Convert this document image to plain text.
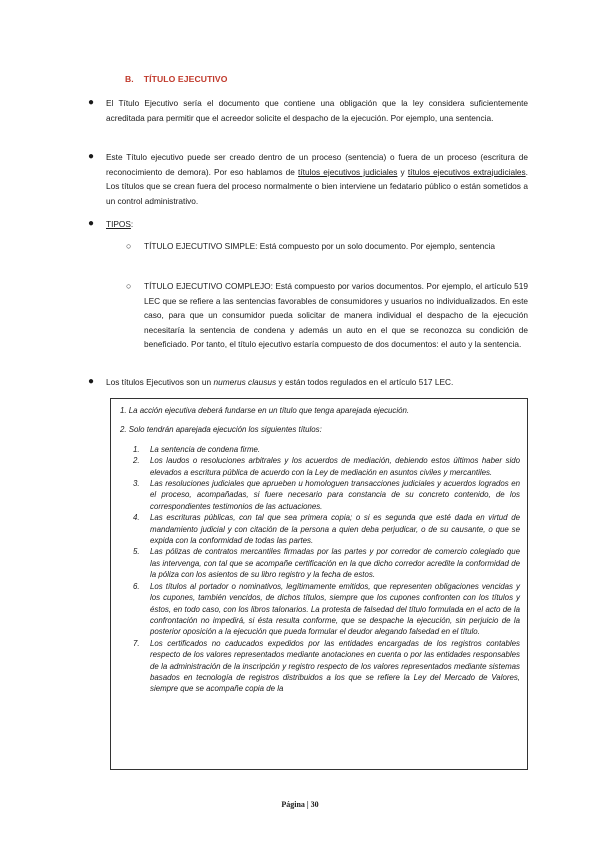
B. TÍTULO EJECUTIVO
● El Título Ejecutivo sería el documento que contiene una obligación que la ley considera suficientemente acreditada para permitir que el acreedor solicite el despacho de la ejecución. Por ejemplo, una sentencia.
● Este Título ejecutivo puede ser creado dentro de un proceso (sentencia) o fuera de un proceso (escritura de reconocimiento de demora). Por eso hablamos de títulos ejecutivos judiciales y títulos ejecutivos extrajudiciales. Los títulos que se crean fuera del proceso normalmente o bien interviene un fedatario público o están sometidos a un control administrativo.
● TIPOS:
○ TÍTULO EJECUTIVO SIMPLE: Está compuesto por un solo documento. Por ejemplo, sentencia
○ TÍTULO EJECUTIVO COMPLEJO: Está compuesto por varios documentos. Por ejemplo, el artículo 519 LEC que se refiere a las sentencias favorables de consumidores y usuarios no individualizados. En este caso, para que un consumidor pueda solicitar de manera individual el despacho de la ejecución necesitaría la sentencia de condena y además un auto en el que se reconozca su condición de beneficiado. Por tanto, el título ejecutivo estaría compuesto de dos documentos: el auto y la sentencia.
● Los títulos Ejecutivos son un numerus clausus y están todos regulados en el artículo 517 LEC.

1. La acción ejecutiva deberá fundarse en un título que tenga aparejada ejecución.

2. Solo tendrán aparejada ejecución los siguientes títulos:

1. La sentencia de condena firme.
2. Los laudos o resoluciones arbitrales y los acuerdos de mediación, debiendo estos últimos haber sido elevados a escritura pública de acuerdo con la Ley de mediación en asuntos civiles y mercantiles.
3. Las resoluciones judiciales que aprueben u homologuen transacciones judiciales y acuerdos logrados en el proceso, acompañadas, si fuere necesario para constancia de su concreto contenido, de los correspondientes testimonios de las actuaciones.
4. Las escrituras públicas, con tal que sea primera copia; o si es segunda que esté dada en virtud de mandamiento judicial y con citación de la persona a quien deba perjudicar, o de su causante, o que se expida con la conformidad de todas las partes.
5. Las pólizas de contratos mercantiles firmadas por las partes y por corredor de comercio colegiado que las intervenga, con tal que se acompañe certificación en la que dicho corredor acredite la conformidad de la póliza con los asientos de su libro registro y la fecha de estos.
6. Los títulos al portador o nominativos, legítimamente emitidos, que representen obligaciones vencidas y los cupones, también vencidos, de dichos títulos, siempre que los cupones confronten con los títulos y éstos, en todo caso, con los libros talonarios. La protesta de falsedad del título formulada en el acto de la confrontación no impedirá, si ésta resulta conforme, que se despache la ejecución, sin perjuicio de la posterior oposición a la ejecución que pueda formular el deudor alegando falsedad en el título.
7. Los certificados no caducados expedidos por las entidades encargadas de los registros contables respecto de los valores representados mediante anotaciones en cuenta o por las entidades responsables de la administración de la inscripción y registro respecto de los valores representados mediante sistemas basados en tecnología de registros distribuidos a los que se refiere la Ley del Mercado de Valores, siempre que se acompañe copia de la
Página | 30
